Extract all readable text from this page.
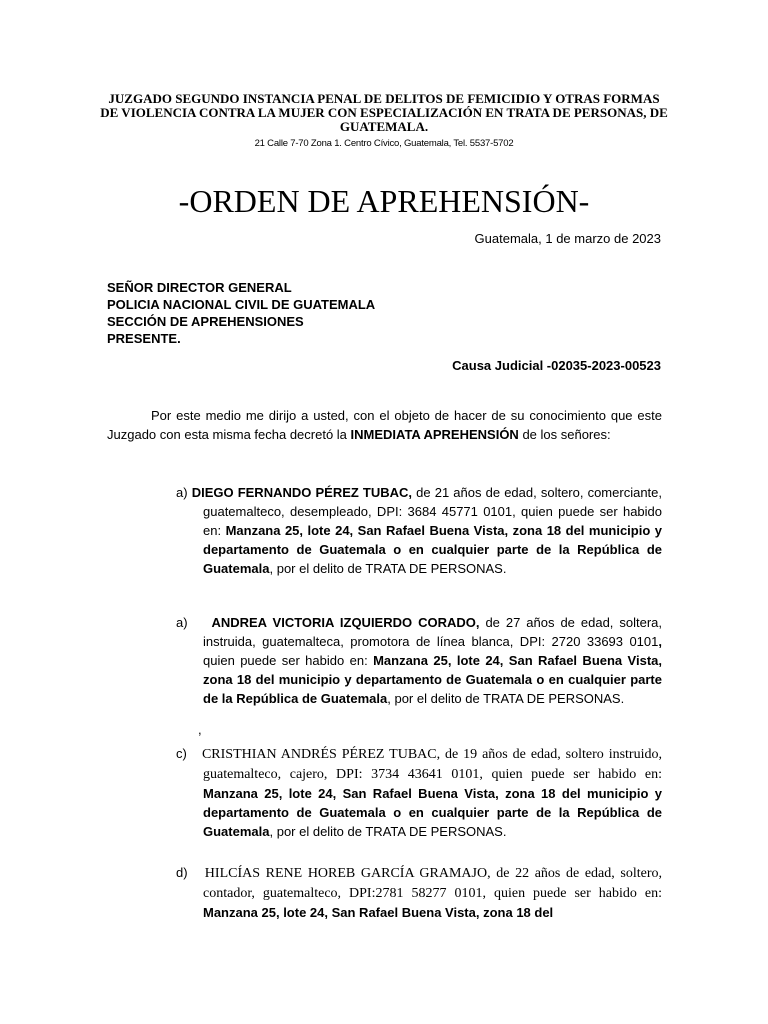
JUZGADO SEGUNDO INSTANCIA PENAL DE DELITOS DE FEMICIDIO Y OTRAS FORMAS DE VIOLENCIA CONTRA LA MUJER CON ESPECIALIZACIÓN EN TRATA DE PERSONAS, DE GUATEMALA.
21 Calle 7-70 Zona 1. Centro Cívico, Guatemala, Tel. 5537-5702
-ORDEN DE APREHENSIÓN-
Guatemala, 1 de marzo de 2023
SEÑOR DIRECTOR GENERAL
POLICIA NACIONAL CIVIL DE GUATEMALA
SECCIÓN DE APREHENSIONES
PRESENTE.
Causa Judicial -02035-2023-00523
Por este medio me dirijo a usted, con el objeto de hacer de su conocimiento que este Juzgado con esta misma fecha decretó la INMEDIATA APREHENSIÓN de los señores:
a) DIEGO FERNANDO PÉREZ TUBAC, de 21 años de edad, soltero, comerciante, guatemalteco, desempleado, DPI: 3684 45771 0101, quien puede ser habido en: Manzana 25, lote 24, San Rafael Buena Vista, zona 18 del municipio y departamento de Guatemala o en cualquier parte de la República de Guatemala, por el delito de TRATA DE PERSONAS.
a) ANDREA VICTORIA IZQUIERDO CORADO, de 27 años de edad, soltera, instruida, guatemalteca, promotora de línea blanca, DPI: 2720 33693 0101, quien puede ser habido en: Manzana 25, lote 24, San Rafael Buena Vista, zona 18 del municipio y departamento de Guatemala o en cualquier parte de la República de Guatemala, por el delito de TRATA DE PERSONAS.
,
c) CRISTHIAN ANDRÉS PÉREZ TUBAC, de 19 años de edad, soltero instruido, guatemalteco, cajero, DPI: 3734 43641 0101, quien puede ser habido en: Manzana 25, lote 24, San Rafael Buena Vista, zona 18 del municipio y departamento de Guatemala o en cualquier parte de la República de Guatemala, por el delito de TRATA DE PERSONAS.
d) HILCÍAS RENE HOREB GARCÍA GRAMAJO, de 22 años de edad, soltero, contador, guatemalteco, DPI:2781 58277 0101, quien puede ser habido en: Manzana 25, lote 24, San Rafael Buena Vista, zona 18 del
